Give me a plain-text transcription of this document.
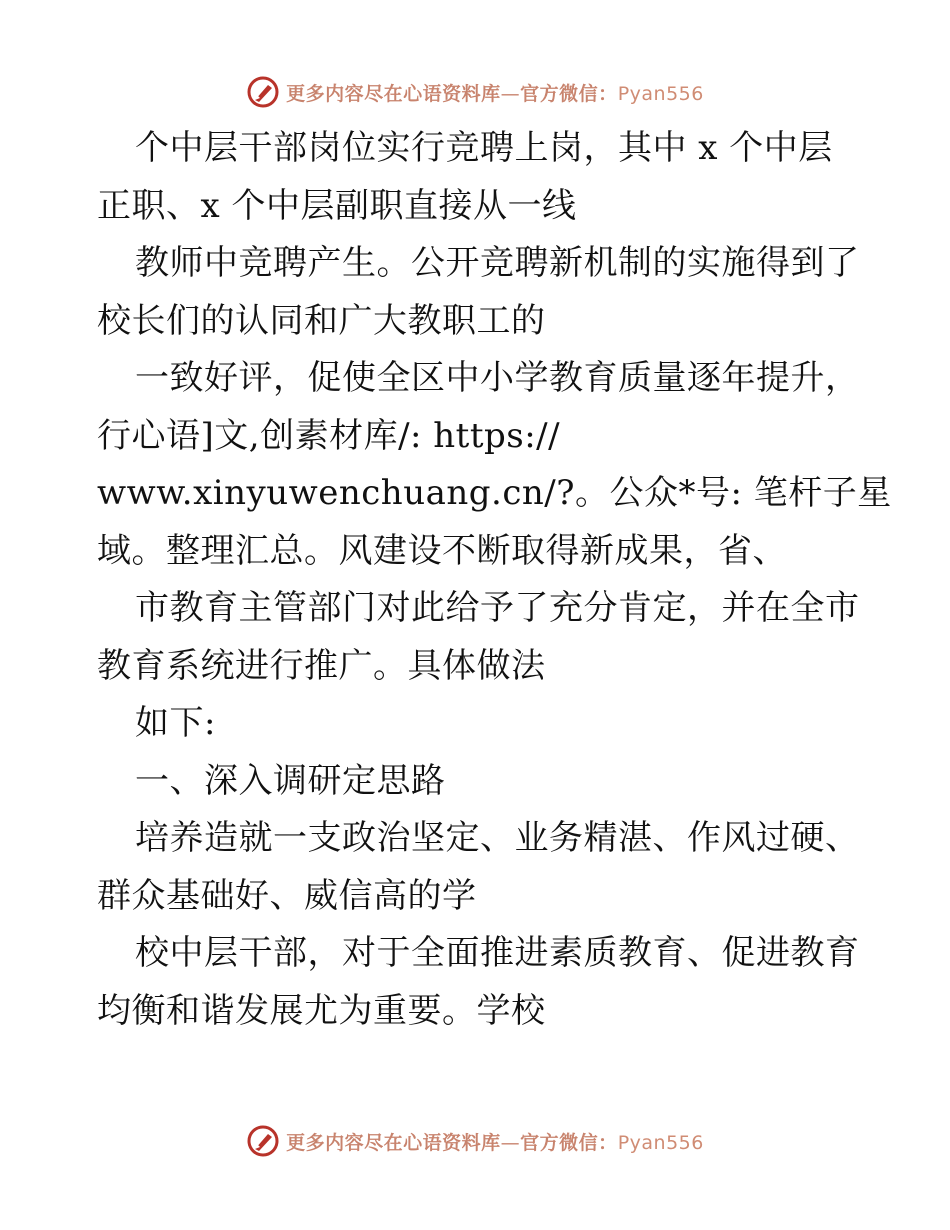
更多内容尽在心语资料库—官方微信：Pyan556
个中层干部岗位实行竞聘上岗，其中 x 个中层
正职、x 个中层副职直接从一线
教师中竞聘产生。公开竞聘新机制的实施得到了
校长们的认同和广大教职工的
一致好评，促使全区中小学教育质量逐年提升，
行心语]文,创素材库/: https://
www.xinyuwenchuang.cn/?。公众*号: 笔杆子星
域。整理汇总。风建设不断取得新成果，省、
市教育主管部门对此给予了充分肯定，并在全市
教育系统进行推广。具体做法
如下:
一、深入调研定思路
培养造就一支政治坚定、业务精湛、作风过硬、
群众基础好、威信高的学
校中层干部，对于全面推进素质教育、促进教育
均衡和谐发展尤为重要。学校
更多内容尽在心语资料库—官方微信：Pyan556
